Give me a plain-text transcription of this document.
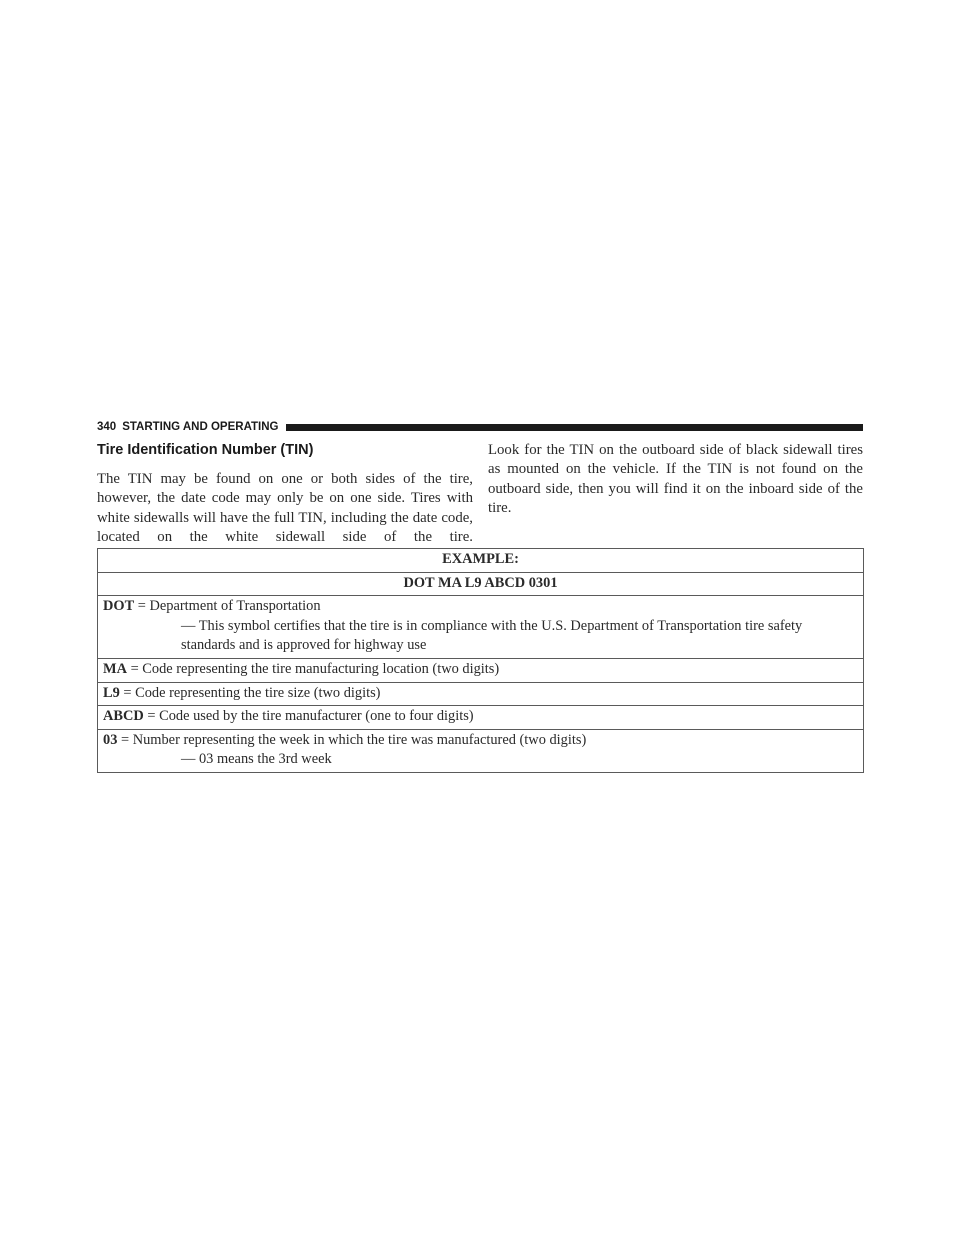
340 STARTING AND OPERATING
Tire Identification Number (TIN)

The TIN may be found on one or both sides of the tire, however, the date code may only be on one side. Tires with white sidewalls will have the full TIN, including the date code, located on the white sidewall side of the tire.

Look for the TIN on the outboard side of black sidewall tires as mounted on the vehicle. If the TIN is not found on the outboard side, then you will find it on the inboard side of the tire.

EXAMPLE:
DOT MA L9 ABCD 0301

DOT = Department of Transportation
— This symbol certifies that the tire is in compliance with the U.S. Department of Transportation tire safety standards and is approved for highway use

MA = Code representing the tire manufacturing location (two digits)
L9 = Code representing the tire size (two digits)
ABCD = Code used by the tire manufacturer (one to four digits)

03 = Number representing the week in which the tire was manufactured (two digits)
— 03 means the 3rd week
